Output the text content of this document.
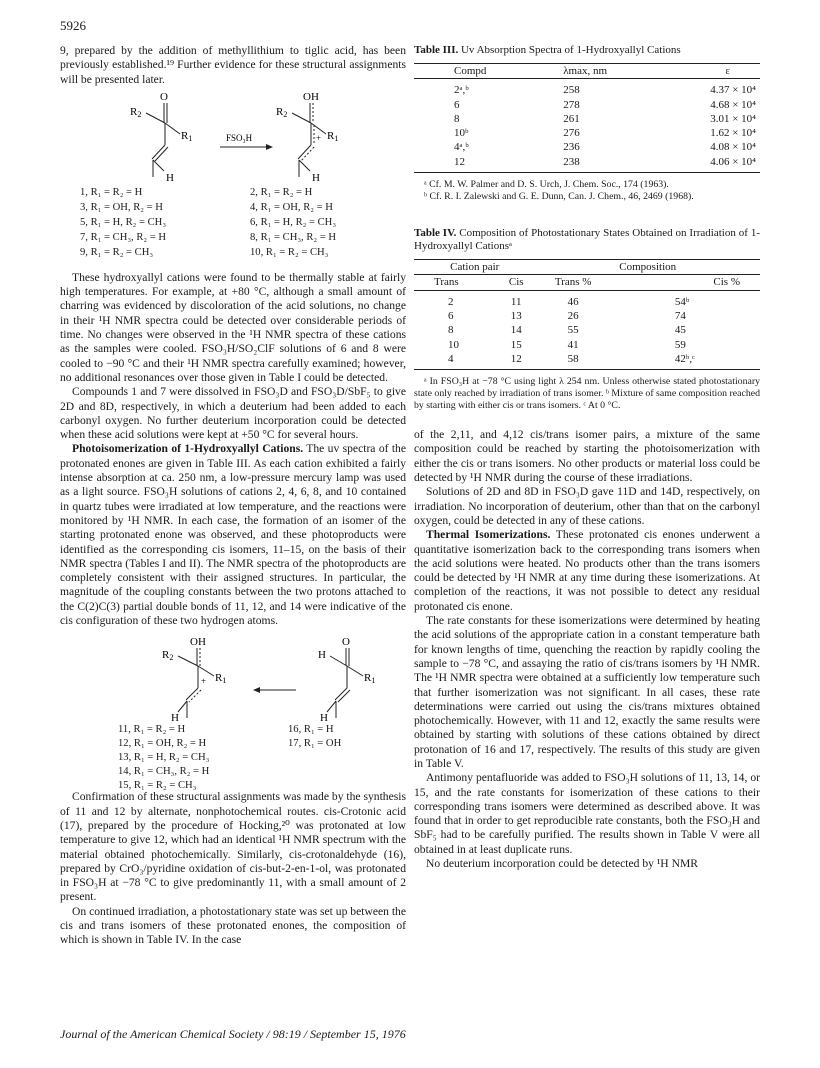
5926

9, prepared by the addition of methyllithium to tiglic acid, has been previously established.¹⁹ Further evidence for these structural assignments will be presented later.

O
R2
R1
H
FSO₃H
OH
R2
R1
+
H
1, R₁ = R₂ = H
3, R₁ = OH, R₂ = H
5, R₁ = H, R₂ = CH₃
7, R₁ = CH₃, R₂ = H
9, R₁ = R₂ = CH₃
2, R₁ = R₂ = H
4, R₁ = OH, R₂ = H
6, R₁ = H, R₂ = CH₃
8, R₁ = CH₃, R₂ = H
10, R₁ = R₂ = CH₃

These hydroxyallyl cations were found to be thermally stable at fairly high temperatures. For example, at +80 °C, although a small amount of charring was evidenced by discoloration of the acid solutions, no change in their ¹H NMR spectra could be detected over considerable periods of time. No changes were observed in the ¹H NMR spectra of these cations as the samples were cooled. FSO₃H/SO₂ClF solutions of 6 and 8 were cooled to −90 °C and their ¹H NMR spectra carefully examined; however, no additional resonances over those given in Table I could be detected.

Compounds 1 and 7 were dissolved in FSO₃D and FSO₃D/SbF₅ to give 2D and 8D, respectively, in which a deuterium had been added to each carbonyl oxygen. No further deuterium incorporation could be detected when these acid solutions were kept at +50 °C for several hours.

Photoisomerization of 1-Hydroxyallyl Cations. The uv spectra of the protonated enones are given in Table III. As each cation exhibited a fairly intense absorption at ca. 250 nm, a low-pressure mercury lamp was used as a light source. FSO₃H solutions of cations 2, 4, 6, 8, and 10 contained in quartz tubes were irradiated at low temperature, and the reactions were monitored by ¹H NMR. In each case, the formation of an isomer of the starting protonated enone was observed, and these photoproducts were identified as the corresponding cis isomers, 11–15, on the basis of their NMR spectra (Tables I and II). The NMR spectra of the photoproducts are completely consistent with their assigned structures. In particular, the magnitude of the coupling constants between the two protons attached to the C(2)C(3) partial double bonds of 11, 12, and 14 were indicative of the cis configuration of these two hydrogen atoms.

OH
R2
R1
+
H
O
H
R1
H
11, R₁ = R₂ = H
12, R₁ = OH, R₂ = H
13, R₁ = H, R₂ = CH₃
14, R₁ = CH₃, R₂ = H
15, R₁ = R₂ = CH₃
16, R₁ = H
17, R₁ = OH

Confirmation of these structural assignments was made by the synthesis of 11 and 12 by alternate, nonphotochemical routes. cis-Crotonic acid (17), prepared by the procedure of Hocking,²⁰ was protonated at low temperature to give 12, which had an identical ¹H NMR spectrum with the material obtained photochemically. Similarly, cis-crotonaldehyde (16), prepared by CrO₃/pyridine oxidation of cis-but-2-en-1-ol, was protonated in FSO₃H at −78 °C to give predominantly 11, with a small amount of 2 present.

On continued irradiation, a photostationary state was set up between the cis and trans isomers of these protonated enones, the composition of which is shown in Table IV. In the case

Table III. Uv Absorption Spectra of 1-Hydroxyallyl Cations
Compd	λmax, nm	ε
2ᵃ,ᵇ	258	4.37 × 10⁴
6	278	4.68 × 10⁴
8	261	3.01 × 10⁴
10ᵇ	276	1.62 × 10⁴
4ᵃ,ᵇ	236	4.08 × 10⁴
12	238	4.06 × 10⁴

ᵃ Cf. M. W. Palmer and D. S. Urch, J. Chem. Soc., 174 (1963).

ᵇ Cf. R. I. Zalewski and G. E. Dunn, Can. J. Chem., 46, 2469 (1968).

Table IV. Composition of Photostationary States Obtained on Irradiation of 1-Hydroxyallyl Cationsᵃ
Cation pair		Composition	
Trans	Cis	Trans %	Cis %
2	11	46	54ᵇ
6	13	26	74
8	14	55	45
10	15	41	59
4	12	58	42ᵇ,ᶜ

ᵃ In FSO₃H at −78 °C using light λ 254 nm. Unless otherwise stated photostationary state only reached by irradiation of trans isomer. ᵇ Mixture of same composition reached by starting with either cis or trans isomers. ᶜ At 0 °C.

of the 2,11, and 4,12 cis/trans isomer pairs, a mixture of the same composition could be reached by starting the photoisomerization with either the cis or trans isomers. No other products or material loss could be detected by ¹H NMR during the course of these irradiations.

Solutions of 2D and 8D in FSO₃D gave 11D and 14D, respectively, on irradiation. No incorporation of deuterium, other than that on the carbonyl oxygen, could be detected in any of these cations.

Thermal Isomerizations. These protonated cis enones underwent a quantitative isomerization back to the corresponding trans isomers when the acid solutions were heated. No products other than the trans isomers could be detected by ¹H NMR at any time during these isomerizations. At completion of the reactions, it was not possible to detect any residual protonated cis enone.

The rate constants for these isomerizations were determined by heating the acid solutions of the appropriate cation in a constant temperature bath for known lengths of time, quenching the reaction by rapidly cooling the sample to −78 °C, and assaying the ratio of cis/trans isomers by ¹H NMR. The ¹H NMR spectra were obtained at a sufficiently low temperature such that further isomerization was not significant. In all cases, these rate determinations were carried out using the cis/trans mixtures obtained photochemically. However, with 11 and 12, exactly the same results were obtained by starting with solutions of these cations obtained by direct protonation of 16 and 17, respectively. The results of this study are given in Table V.

Antimony pentafluoride was added to FSO₃H solutions of 11, 13, 14, or 15, and the rate constants for isomerization of these cations to their corresponding trans isomers were determined as described above. It was found that in order to get reproducible rate constants, both the FSO₃H and SbF₅ had to be carefully purified. The results shown in Table V were all obtained in at least duplicate runs.

No deuterium incorporation could be detected by ¹H NMR

Journal of the American Chemical Society / 98:19 / September 15, 1976
